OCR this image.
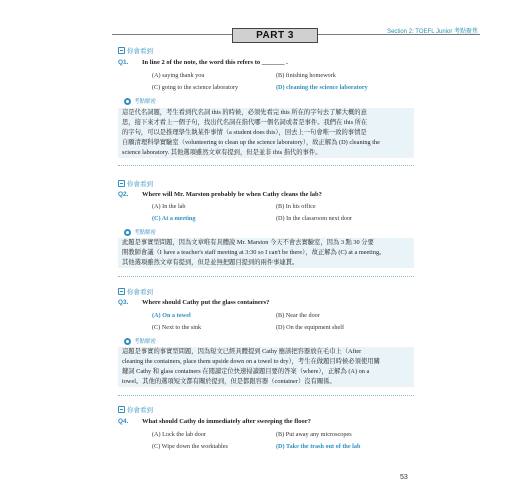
PART 3	Section 2: TOEFL Junior 考點聚焦
你會看到
Q1. In line 2 of the note, the word this refers to _______ .
(A) saying thank you	(B) finishing homework
(C) going to the science laboratory	(D) cleaning the science laboratory
考點解密
這是代名詞題，考生看到代名詞 this 的時候，必須先看完 this 所在的字句去了解大概的意
思，接下來才看上一個子句，找出代名詞在指代哪一個名詞或者是事件。我們在 this 所在
的字句，可以是推理學生執某件事情（a student does this），回去上一句會唯一致的事情是
自願清理科學實驗室（volunteering to clean up the science laboratory），故正解為 (D) cleaning the
science laboratory. 其他選項雖然文章有提到，但是並非 this 指代的事件。
你會看到
Q2. Where will Mr. Marston probably be when Cathy cleans the lab?
(A) In the lab	(B) In his office
(C) At a meeting	(D) In the classroom next door
考點解密
此題是事實型問題，因為文章唯有具體說 Mr. Marston 今天不會去實驗室，因為 3 點 30 分要
開教師會議（I have a teacher's staff meeting at 3:30 so I can't be there），故正解為 (C) at a meeting。
其他選項雖然文章有提到，但是並無把題目提到的兩件事連貫。
你會看到
Q3. Where should Cathy put the glass containers?
(A) On a towel	(B) Near the door
(C) Next to the sink	(D) On the equipment shelf
考點解密
這題是事實的事實型問題，因為短文已經具體提到 Cathy 應該把容器放在毛巾上（After
cleaning the containers, place them upside down on a towel to dry），考生在做題目時候必須使用關
鍵詞 Cathy 和 glass containers 在閱讀定位快速掃讀題目要的答案（where），正解為 (A) on a
towel。其他的選項短文都有關於提到，但是都跟容器（container）沒有關係。
你會看到
Q4. What should Cathy do immediately after sweeping the floor?
(A) Lock the lab door	(B) Put away any microscopes
(C) Wipe down the worktables	(D) Take the trash out of the lab
53
